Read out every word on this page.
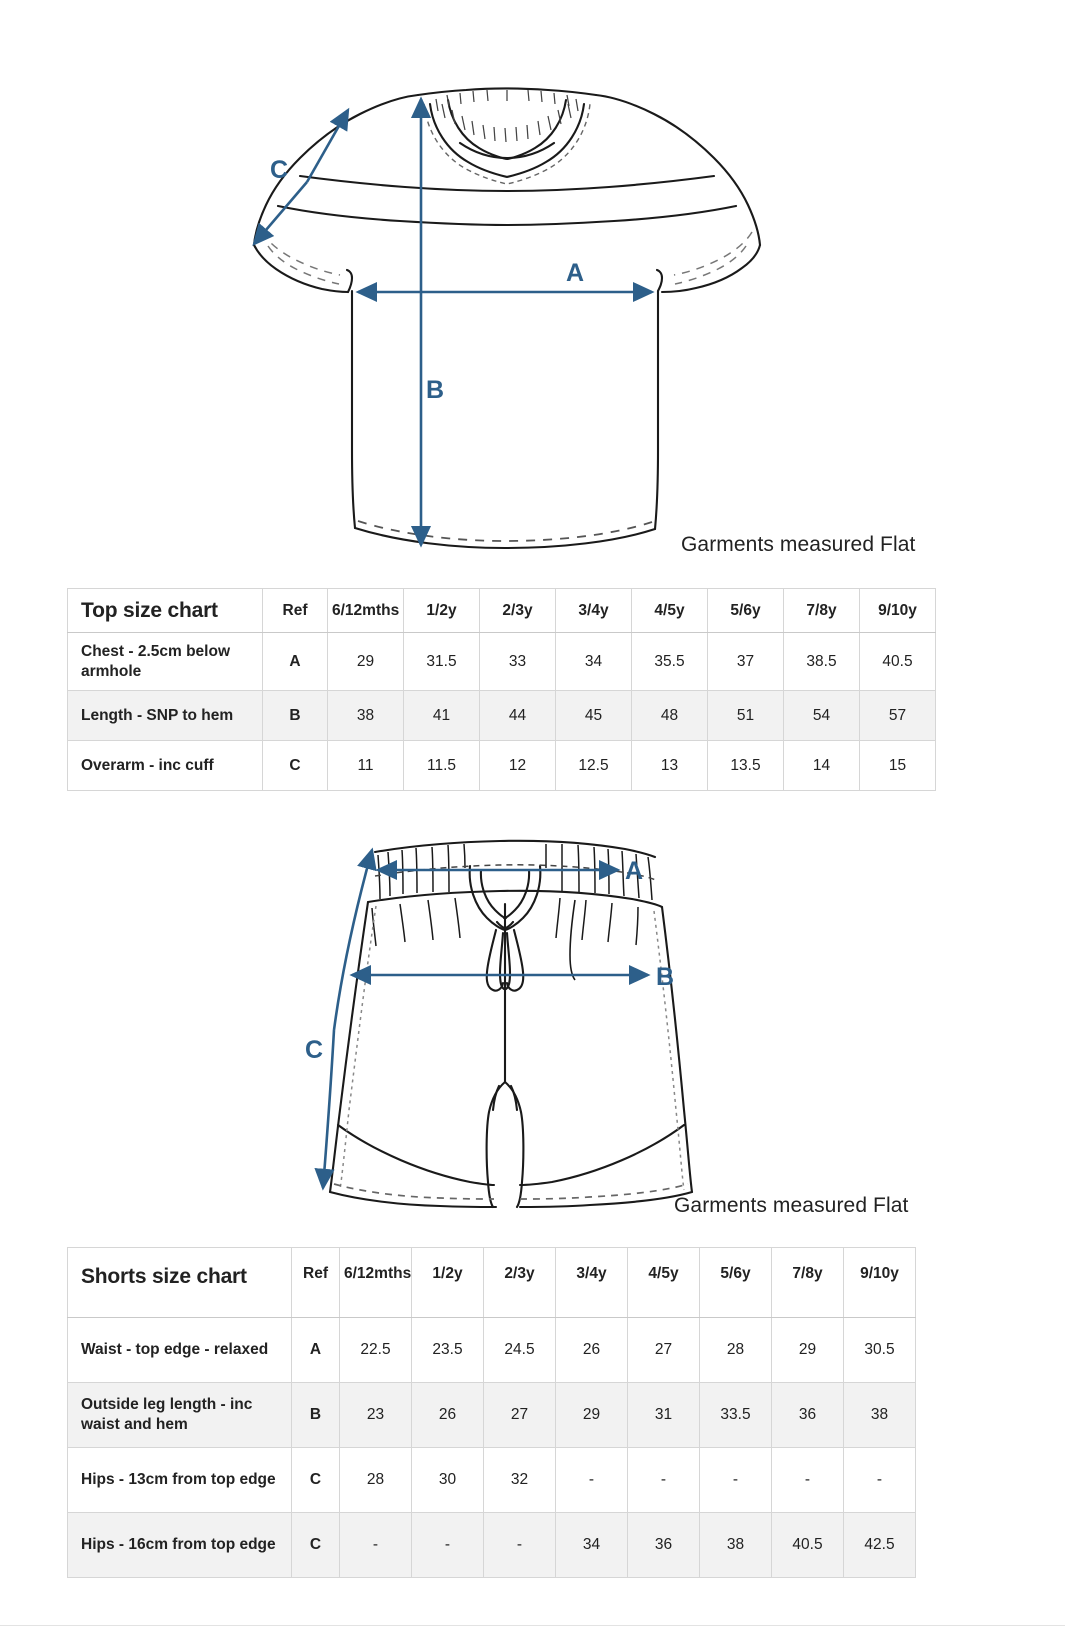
A
B
C
Garments measured Flat
Top size chart	Ref	6/12mths	1/2y	2/3y	3/4y	4/5y	5/6y	7/8y	9/10y
Chest - 2.5cm below armhole	A	29	31.5	33	34	35.5	37	38.5	40.5
Length - SNP to hem	B	38	41	44	45	48	51	54	57
Overarm - inc cuff	C	11	11.5	12	12.5	13	13.5	14	15
A
B
C
Garments measured Flat
Shorts size chart	Ref	6/12mths	1/2y	2/3y	3/4y	4/5y	5/6y	7/8y	9/10y
Waist - top edge - relaxed	A	22.5	23.5	24.5	26	27	28	29	30.5
Outside leg length - inc waist and hem	B	23	26	27	29	31	33.5	36	38
Hips - 13cm from top edge	C	28	30	32	-	-	-	-	-
Hips - 16cm from top edge	C	-	-	-	34	36	38	40.5	42.5
